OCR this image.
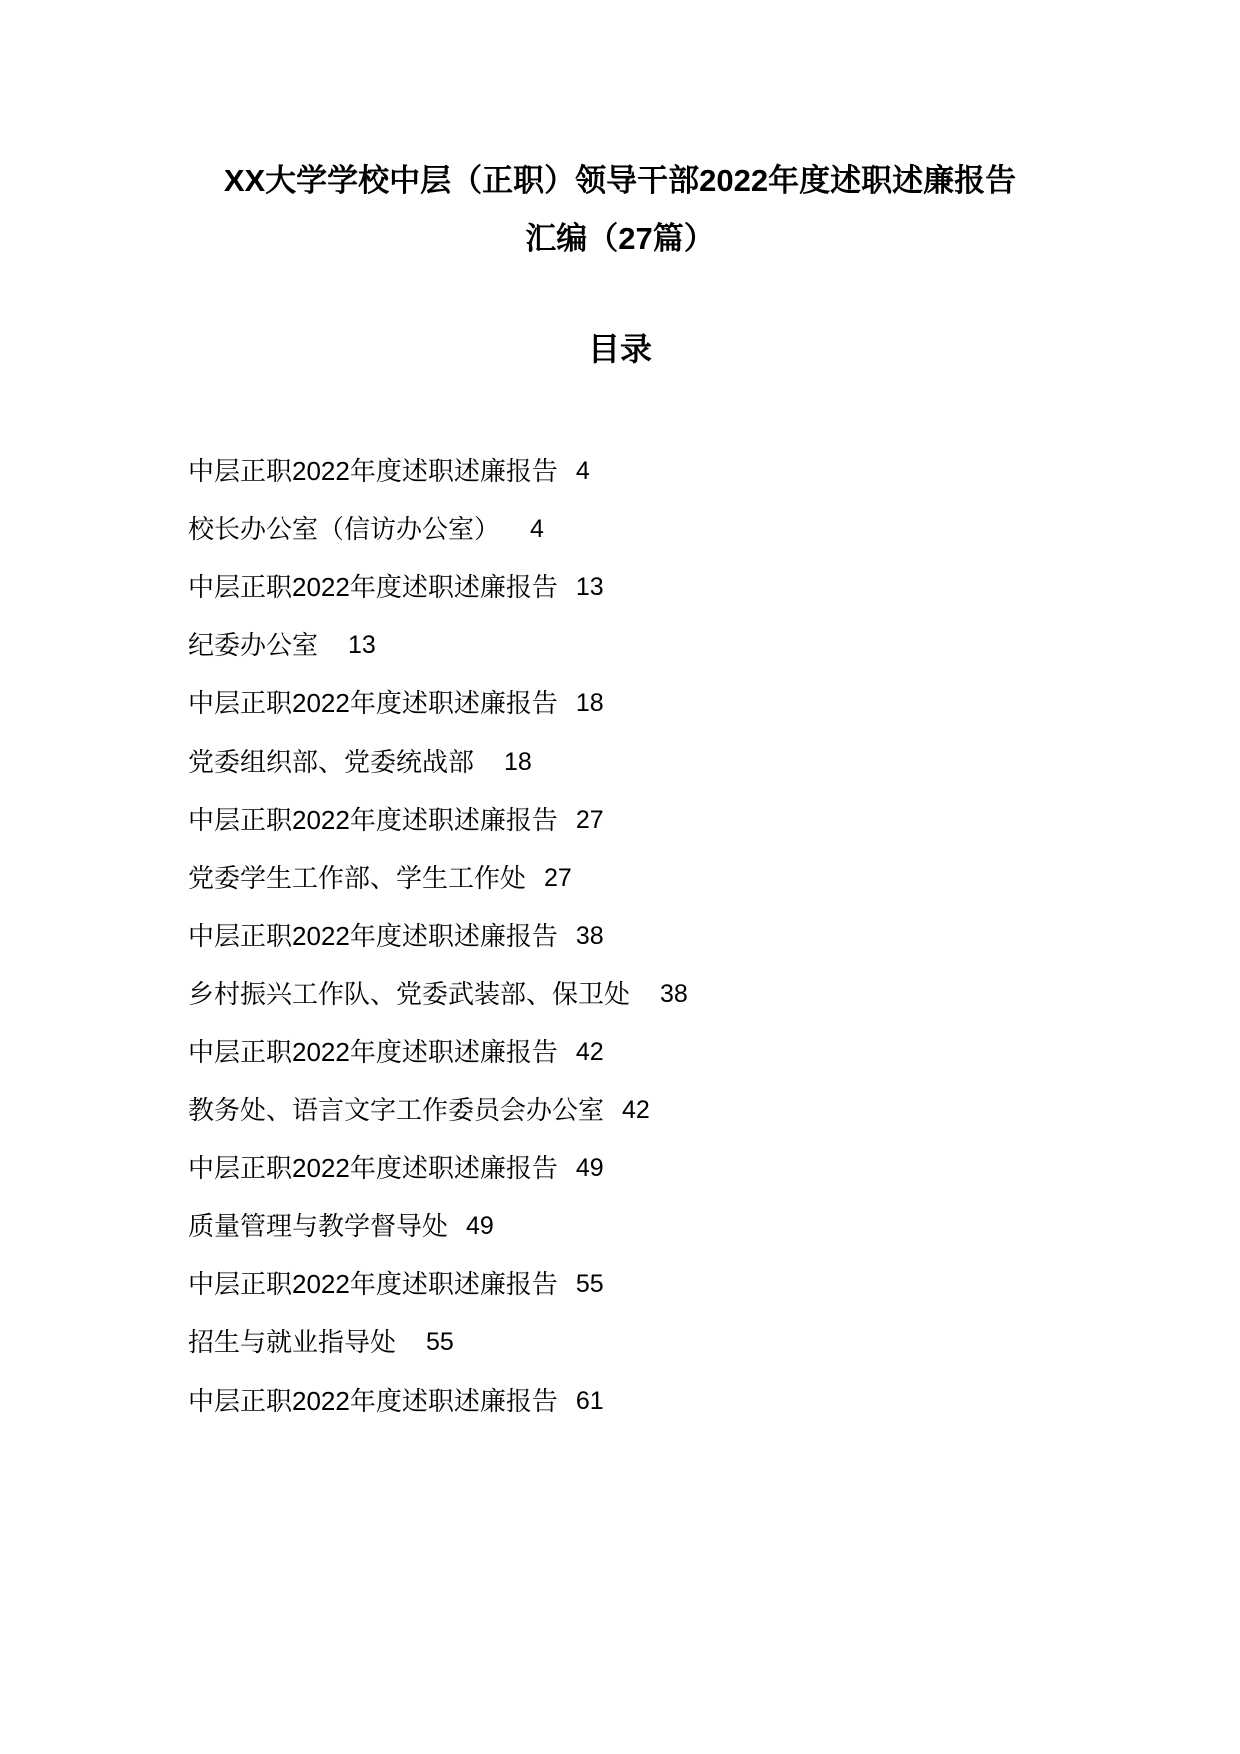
XX大学学校中层（正职）领导干部2022年度述职述廉报告
汇编（27篇）
目录
中层正职2022年度述职述廉报告 4
校长办公室（信访办公室） 4
中层正职2022年度述职述廉报告 13
纪委办公室 13
中层正职2022年度述职述廉报告 18
党委组织部、党委统战部 18
中层正职2022年度述职述廉报告 27
党委学生工作部、学生工作处 27
中层正职2022年度述职述廉报告 38
乡村振兴工作队、党委武装部、保卫处 38
中层正职2022年度述职述廉报告 42
教务处、语言文字工作委员会办公室 42
中层正职2022年度述职述廉报告 49
质量管理与教学督导处 49
中层正职2022年度述职述廉报告 55
招生与就业指导处 55
中层正职2022年度述职述廉报告 61
